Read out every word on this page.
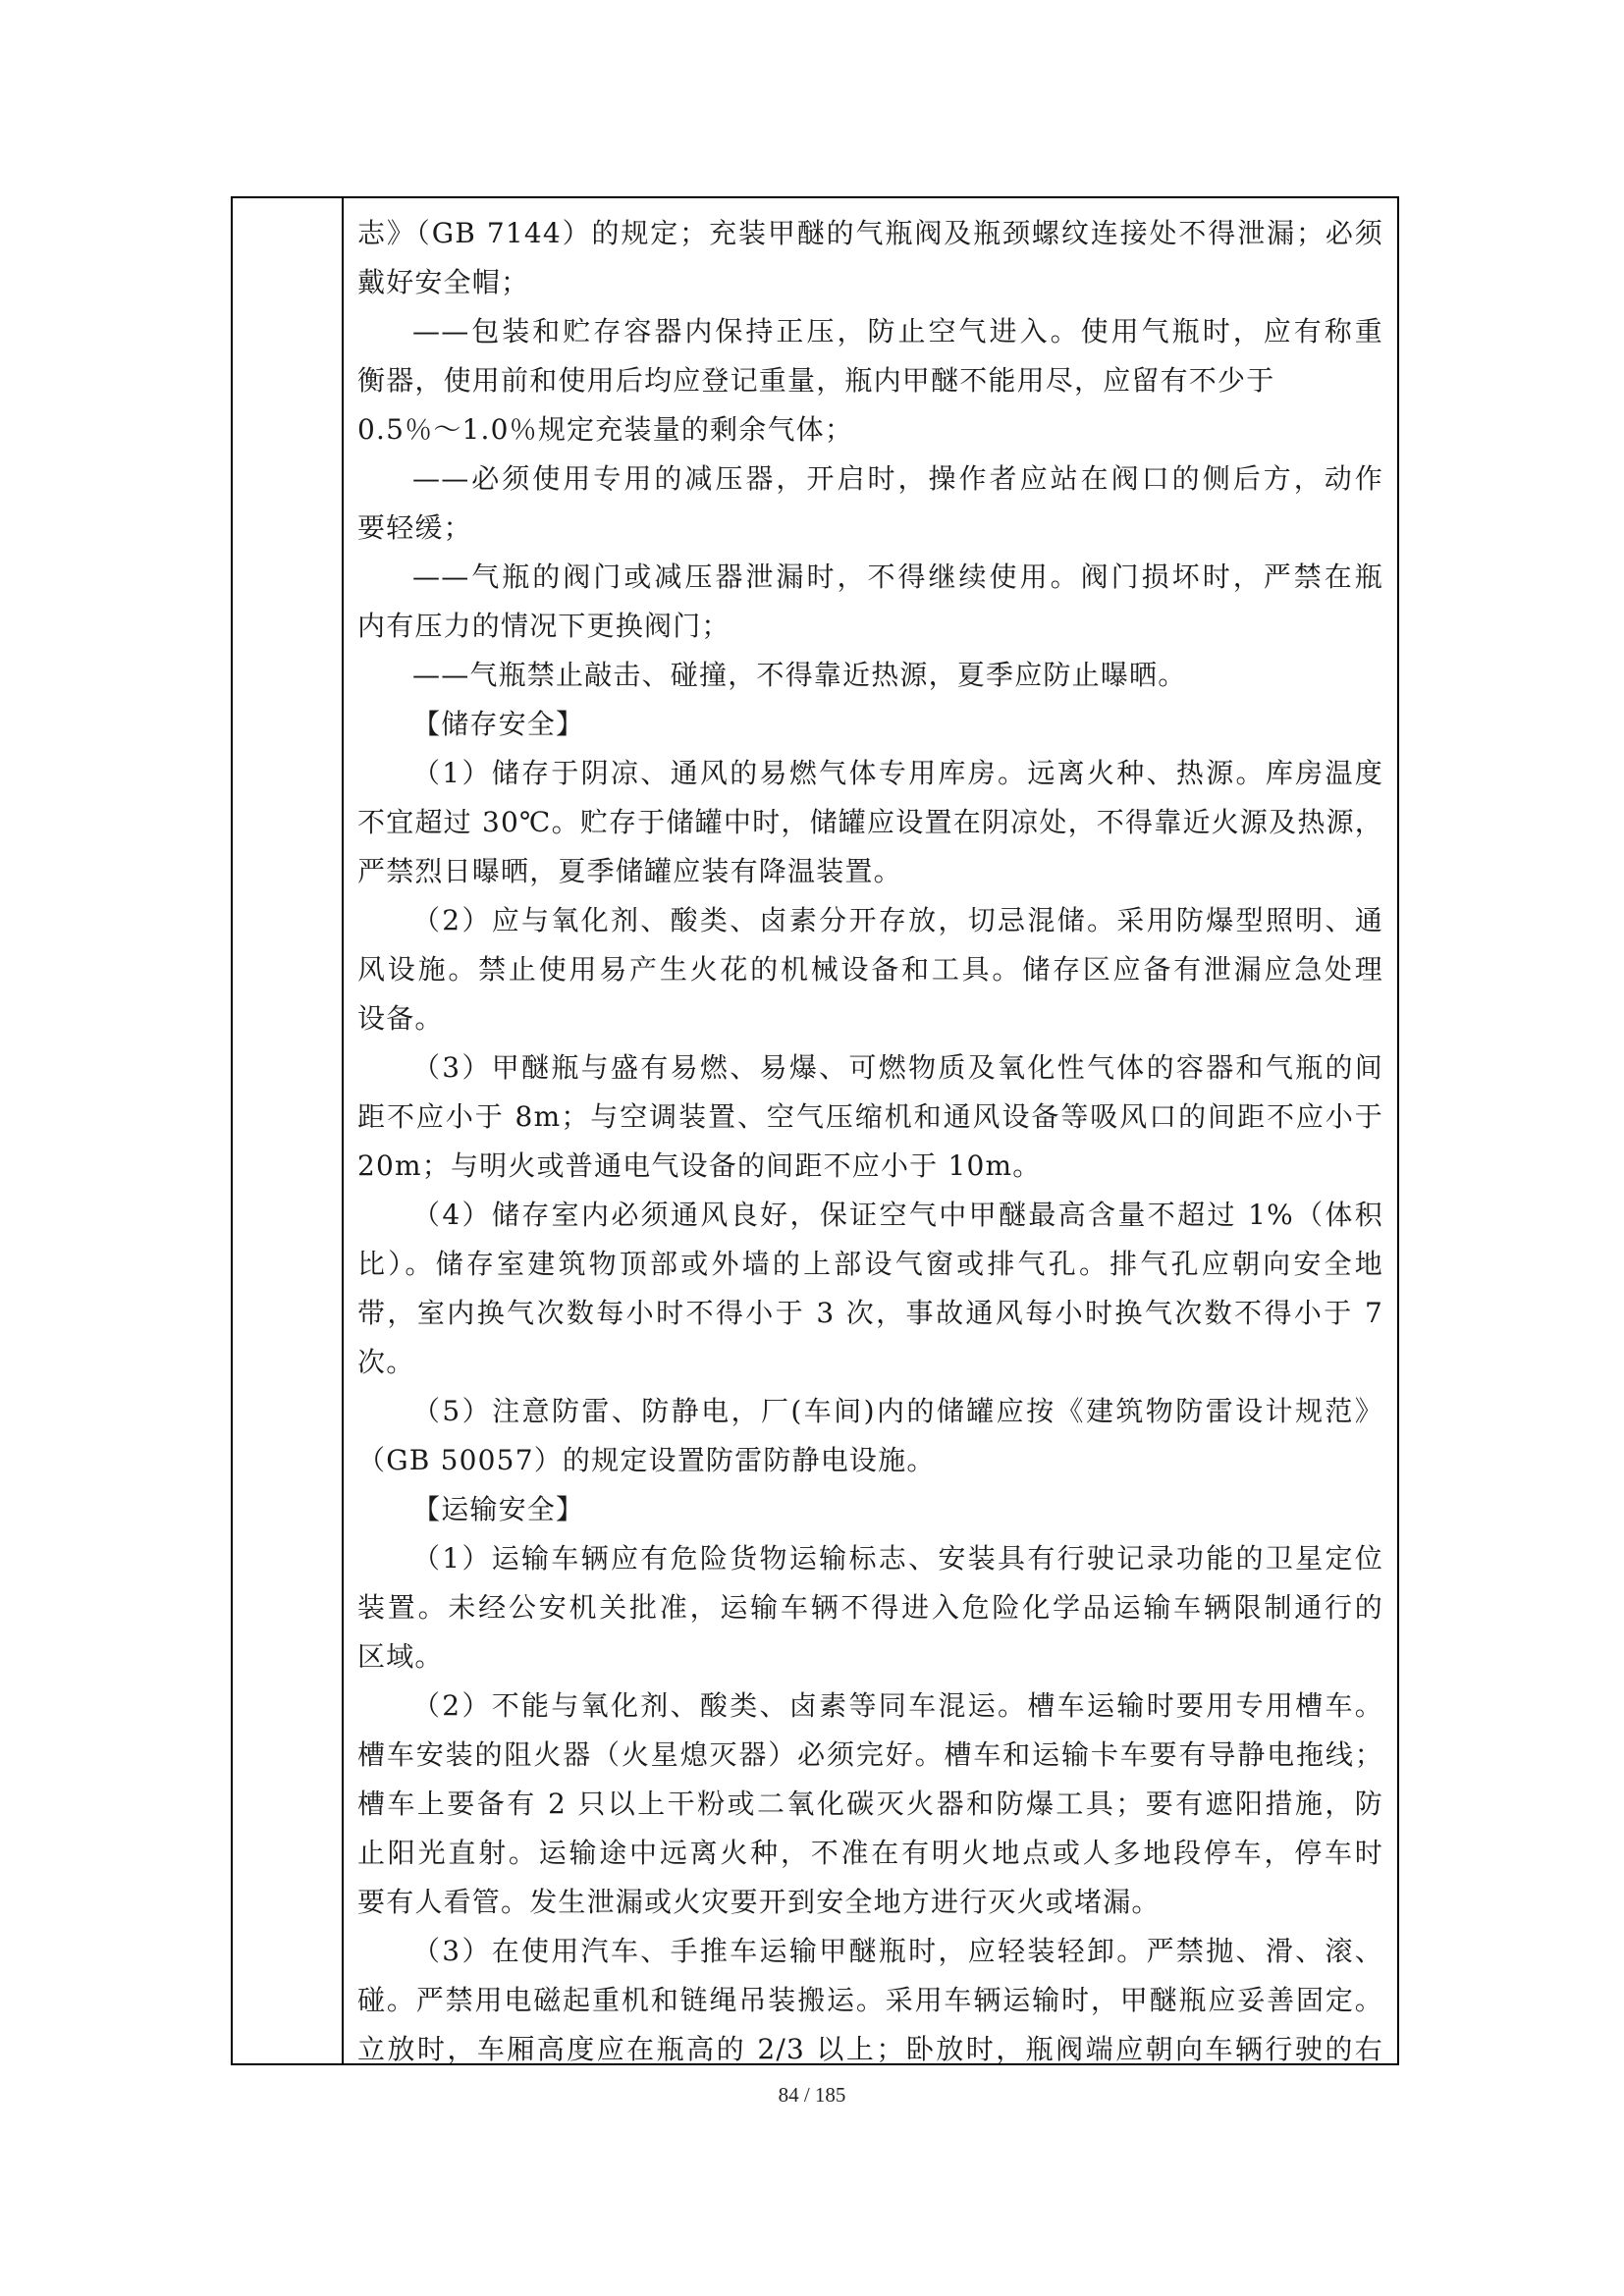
志》（GB 7144）的规定；充装甲醚的气瓶阀及瓶颈螺纹连接处不得泄漏；必须
戴好安全帽；
——包装和贮存容器内保持正压，防止空气进入。使用气瓶时，应有称重
衡器，使用前和使用后均应登记重量，瓶内甲醚不能用尽，应留有不少于
0.5％～1.0％规定充装量的剩余气体；
——必须使用专用的减压器，开启时，操作者应站在阀口的侧后方，动作
要轻缓；
——气瓶的阀门或减压器泄漏时，不得继续使用。阀门损坏时，严禁在瓶
内有压力的情况下更换阀门；
——气瓶禁止敲击、碰撞，不得靠近热源，夏季应防止曝晒。
【储存安全】
（1）储存于阴凉、通风的易燃气体专用库房。远离火种、热源。库房温度
不宜超过 30℃。贮存于储罐中时，储罐应设置在阴凉处，不得靠近火源及热源，
严禁烈日曝晒，夏季储罐应装有降温装置。
（2）应与氧化剂、酸类、卤素分开存放，切忌混储。采用防爆型照明、通
风设施。禁止使用易产生火花的机械设备和工具。储存区应备有泄漏应急处理
设备。
（3）甲醚瓶与盛有易燃、易爆、可燃物质及氧化性气体的容器和气瓶的间
距不应小于 8m；与空调装置、空气压缩机和通风设备等吸风口的间距不应小于
20m；与明火或普通电气设备的间距不应小于 10m。
（4）储存室内必须通风良好，保证空气中甲醚最高含量不超过 1%（体积
比）。储存室建筑物顶部或外墙的上部设气窗或排气孔。排气孔应朝向安全地
带，室内换气次数每小时不得小于 3 次，事故通风每小时换气次数不得小于 7
次。
（5）注意防雷、防静电，厂(车间)内的储罐应按《建筑物防雷设计规范》
（GB 50057）的规定设置防雷防静电设施。
【运输安全】
（1）运输车辆应有危险货物运输标志、安装具有行驶记录功能的卫星定位
装置。未经公安机关批准，运输车辆不得进入危险化学品运输车辆限制通行的
区域。
（2）不能与氧化剂、酸类、卤素等同车混运。槽车运输时要用专用槽车。
槽车安装的阻火器（火星熄灭器）必须完好。槽车和运输卡车要有导静电拖线；
槽车上要备有 2 只以上干粉或二氧化碳灭火器和防爆工具；要有遮阳措施，防
止阳光直射。运输途中远离火种，不准在有明火地点或人多地段停车，停车时
要有人看管。发生泄漏或火灾要开到安全地方进行灭火或堵漏。
（3）在使用汽车、手推车运输甲醚瓶时，应轻装轻卸。严禁抛、滑、滚、
碰。严禁用电磁起重机和链绳吊装搬运。采用车辆运输时，甲醚瓶应妥善固定。
立放时，车厢高度应在瓶高的 2/3 以上；卧放时，瓶阀端应朝向车辆行驶的右
84 / 185
